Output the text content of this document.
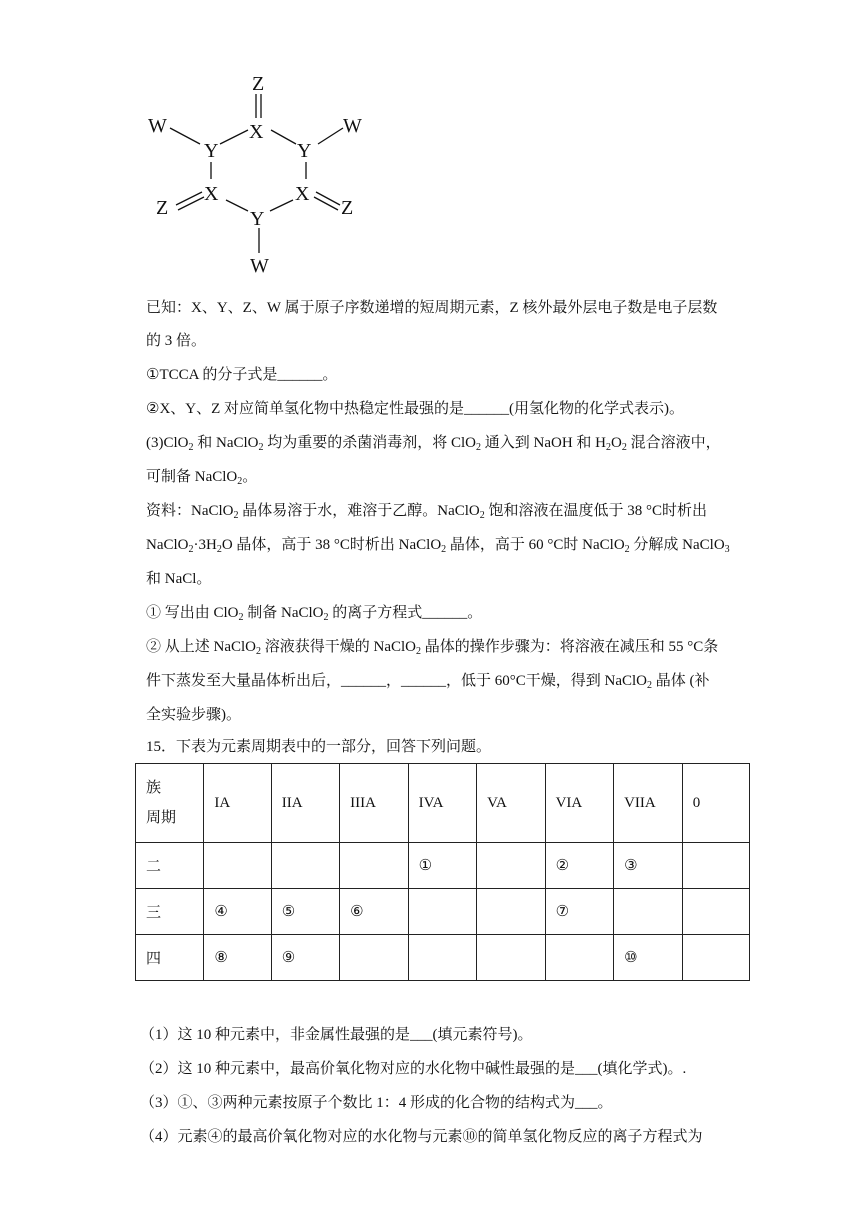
Z
X
W
Y	Y
W
Z
X
Y
X
Z
W
已知：X、Y、Z、W 属于原子序数递增的短周期元素，Z 核外最外层电子数是电子层数
的 3 倍。
①TCCA 的分子式是______。
②X、Y、Z 对应简单氢化物中热稳定性最强的是______(用氢化物的化学式表示)。
(3)ClO$_2$ 和 NaClO$_2$ 均为重要的杀菌消毒剂，将 ClO$_2$ 通入到 NaOH 和 $H_2O_2$ 混合溶液中，
可制备 NaClO$_2$。
资料：NaClO$_2$ 晶体易溶于水，难溶于乙醇。NaClO$_2$ 饱和溶液在温度低于 38 °C时析出
$NaClO_2\cdot 3H_2O$ 晶体，高于 38 °C时析出 NaClO$_2$ 晶体，高于 60 °C时 NaClO$_2$ 分解成 NaClO$_3$
和 NaCl。
① 写出由 ClO$_2$ 制备 NaClO$_2$ 的离子方程式______。
② 从上述 NaClO$_2$ 溶液获得干燥的 NaClO$_2$ 晶体的操作步骤为：将溶液在减压和 55 °C条
件下蒸发至大量晶体析出后，______，______，低于 60°C干燥，得到 NaClO$_2$ 晶体 (补
全实验步骤)。
15．下表为元素周期表中的一部分，回答下列问题。
族
周期	IA	IIA	IIIA	IVA	VA	VIA	VIIA	0
二				①		②	③	
三	④	⑤	⑥			⑦		
四	⑧	⑨					⑩	
（1）这 10 种元素中，非金属性最强的是___(填元素符号)。
（2）这 10 种元素中，最高价氧化物对应的水化物中碱性最强的是___(填化学式)。.
（3）①、③两种元素按原子个数比 1：4 形成的化合物的结构式为___。
（4）元素④的最高价氧化物对应的水化物与元素⑩的简单氢化物反应的离子方程式为
